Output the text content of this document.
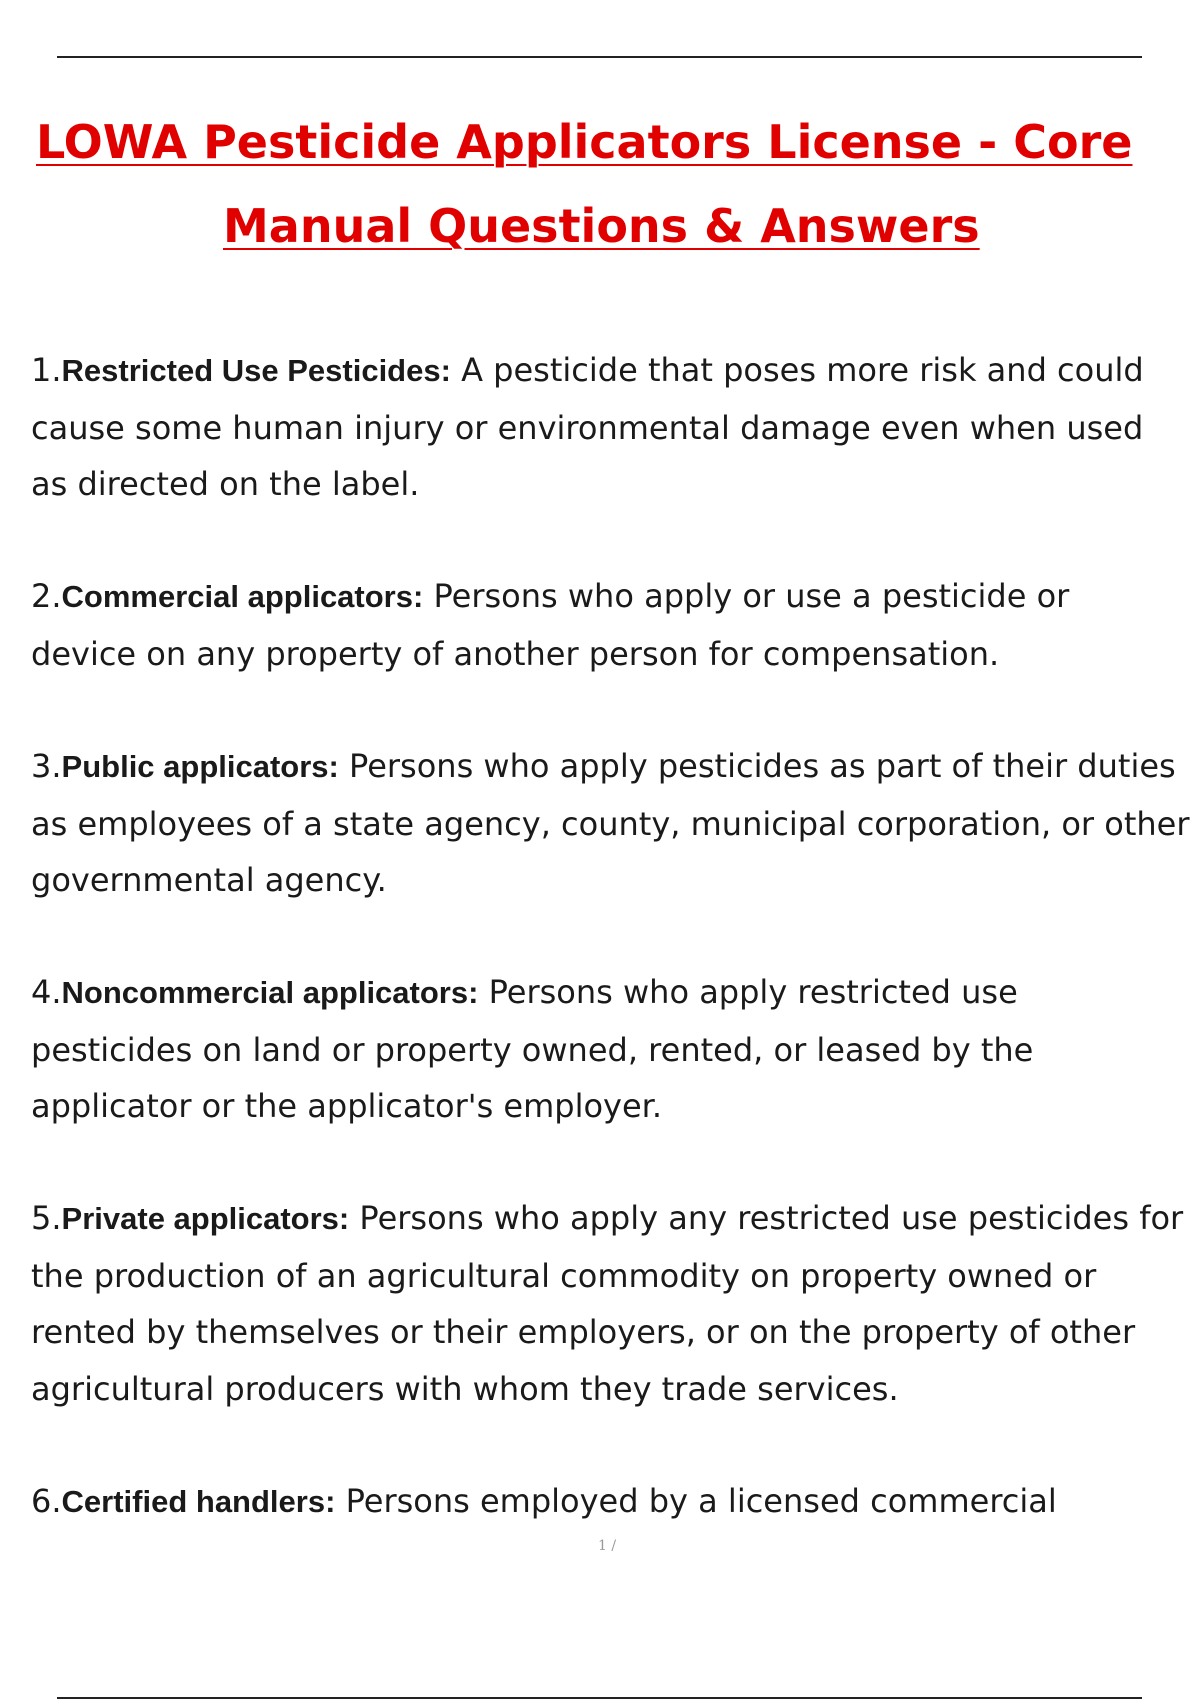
LOWA Pesticide Applicators License - Core
Manual Questions & Answers
1.Restricted Use Pesticides: A pesticide that poses more risk and could
cause some human injury or environmental damage even when used
as directed on the label.
2.Commercial applicators: Persons who apply or use a pesticide or
device on any property of another person for compensation.
3.Public applicators: Persons who apply pesticides as part of their duties
as employees of a state agency, county, municipal corporation, or other
governmental agency.
4.Noncommercial applicators: Persons who apply restricted use
pesticides on land or property owned, rented, or leased by the
applicator or the applicator's employer.
5.Private applicators: Persons who apply any restricted use pesticides for
the production of an agricultural commodity on property owned or
rented by themselves or their employers, or on the property of other
agricultural producers with whom they trade services.
6.Certified handlers: Persons employed by a licensed commercial
1 /
